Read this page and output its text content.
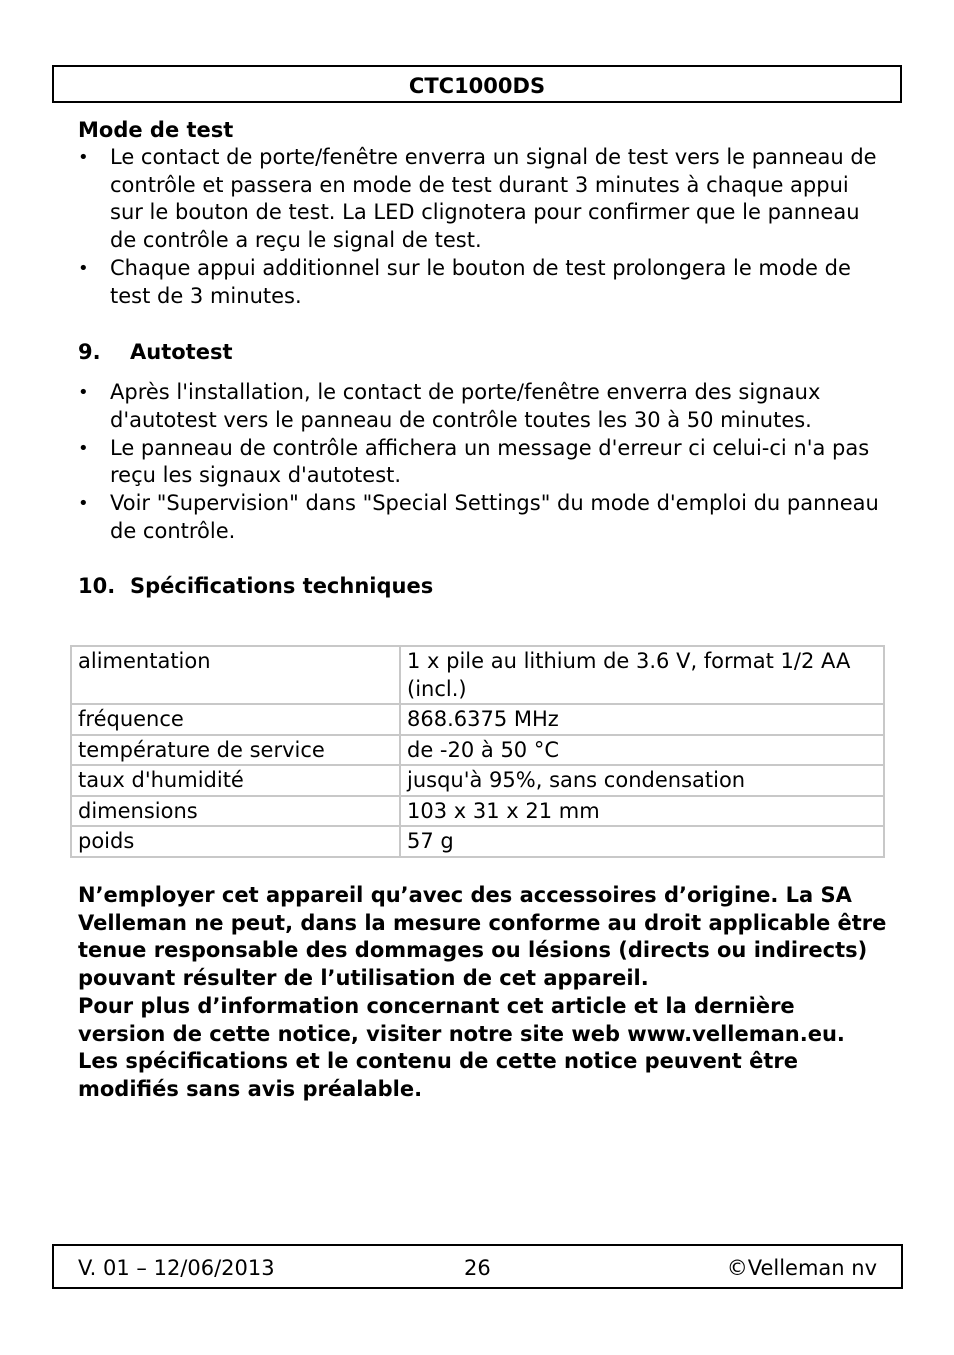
CTC1000DS
Mode de test
• Le contact de porte/fenêtre enverra un signal de test vers le panneau de contrôle et passera en mode de test durant 3 minutes à chaque appui sur le bouton de test. La LED clignotera pour confirmer que le panneau de contrôle a reçu le signal de test.
• Chaque appui additionnel sur le bouton de test prolongera le mode de test de 3 minutes.
9.	Autotest
• Après l'installation, le contact de porte/fenêtre enverra des signaux d'autotest vers le panneau de contrôle toutes les 30 à 50 minutes.
• Le panneau de contrôle affichera un message d'erreur ci celui-ci n'a pas reçu les signaux d'autotest.
• Voir "Supervision" dans "Special Settings" du mode d'emploi du panneau de contrôle.
10. Spécifications techniques
alimentation	1 x pile au lithium de 3.6 V, format 1/2 AA (incl.)
fréquence	868.6375 MHz
température de service	de -20 à 50 °C
taux d'humidité	jusqu'à 95%, sans condensation
dimensions	103 x 31 x 21 mm
poids	57 g

N’employer cet appareil qu’avec des accessoires d’origine. La SA Velleman ne peut, dans la mesure conforme au droit applicable être tenue responsable des dommages ou lésions (directs ou indirects) pouvant résulter de l’utilisation de cet appareil.

Pour plus d’information concernant cet article et la dernière version de cette notice, visiter notre site web www.velleman.eu.

Les spécifications et le contenu de cette notice peuvent être modifiés sans avis préalable.

V. 01 – 12/06/2013	26	©Velleman nv
